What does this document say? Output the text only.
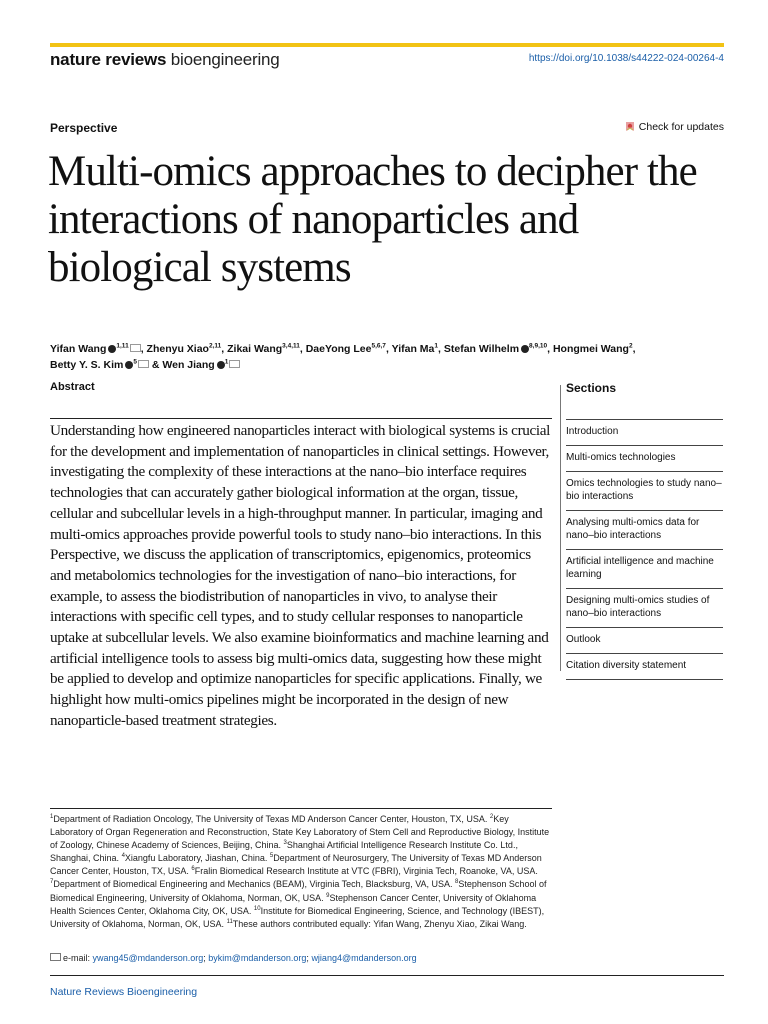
nature reviews bioengineering	https://doi.org/10.1038/s44222-024-00264-4
Perspective	Check for updates
Multi-omics approaches to decipher the interactions of nanoparticles and biological systems
Yifan Wang $^{1,11}$ , Zhenyu Xiao$^{2,11}$, Zikai Wang$^{3,4,11}$, DaeYong Lee$^{5,6,7}$, Yifan Ma$^1$, Stefan Wilhelm $^{8,9,10}$, Hongmei Wang$^2$, Betty Y. S. Kim $^5$ & Wen Jiang $^1$
Abstract

Understanding how engineered nanoparticles interact with biological systems is crucial for the development and implementation of nanoparticles in clinical settings. However, investigating the complexity of these interactions at the nano–bio interface requires technologies that can accurately gather biological information at the organ, tissue, cellular and subcellular levels in a high-throughput manner. In particular, imaging and multi-omics approaches provide powerful tools to study nano–bio interactions. In this Perspective, we discuss the application of transcriptomics, epigenomics, proteomics and metabolomics technologies for the investigation of nano–bio interactions, for example, to assess the biodistribution of nanoparticles in vivo, to analyse their interactions with specific cell types, and to study cellular responses to nanoparticle uptake at subcellular levels. We also examine bioinformatics and machine learning and artificial intelligence tools to assess big multi-omics data, suggesting how these might be applied to develop and optimize nanoparticles for specific applications. Finally, we highlight how multi-omics pipelines might be incorporated in the design of new nanoparticle-based treatment strategies.

Sections
Introduction
Multi-omics technologies
Omics technologies to study nano–bio interactions
Analysing multi-omics data for nano–bio interactions
Artificial intelligence and machine learning
Designing multi-omics studies of nano–bio interactions
Outlook
Citation diversity statement

$^1$Department of Radiation Oncology, The University of Texas MD Anderson Cancer Center, Houston, TX, USA. $^2$Key Laboratory of Organ Regeneration and Reconstruction, State Key Laboratory of Stem Cell and Reproductive Biology, Institute of Zoology, Chinese Academy of Sciences, Beijing, China. $^3$Shanghai Artificial Intelligence Research Institute Co. Ltd., Shanghai, China. $^4$Xiangfu Laboratory, Jiashan, China. $^5$Department of Neurosurgery, The University of Texas MD Anderson Cancer Center, Houston, TX, USA. $^6$Fralin Biomedical Research Institute at VTC (FBRI), Virginia Tech, Roanoke, VA, USA. $^7$Department of Biomedical Engineering and Mechanics (BEAM), Virginia Tech, Blacksburg, VA, USA. $^8$Stephenson School of Biomedical Engineering, University of Oklahoma, Norman, OK, USA. $^9$Stephenson Cancer Center, University of Oklahoma Health Sciences Center, Oklahoma City, OK, USA. $^{10}$Institute for Biomedical Engineering, Science, and Technology (IBEST), University of Oklahoma, Norman, OK, USA. $^{11}$These authors contributed equally: Yifan Wang, Zhenyu Xiao, Zikai Wang.

e-mail: ywang45@mdanderson.org; bykim@mdanderson.org; wjiang4@mdanderson.org
Nature Reviews Bioengineering
